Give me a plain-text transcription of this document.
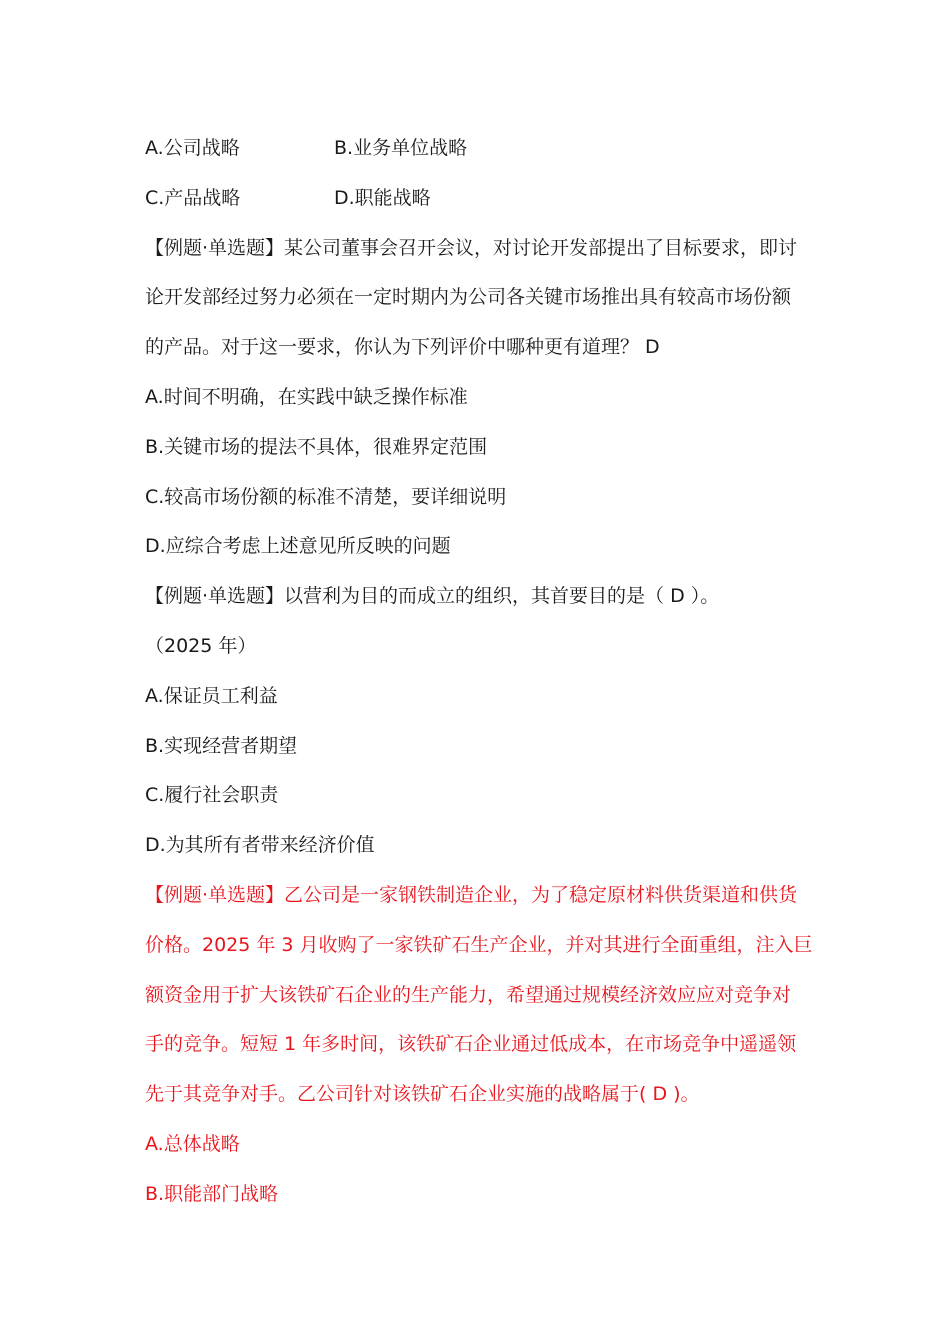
A.公司战略	B.业务单位战略
C.产品战略	D.职能战略
【例题·单选题】某公司董事会召开会议，对讨论开发部提出了目标要求，即讨
论开发部经过努力必须在一定时期内为公司各关键市场推出具有较高市场份额
的产品。对于这一要求，你认为下列评价中哪种更有道理？ D
A.时间不明确，在实践中缺乏操作标准
B.关键市场的提法不具体，很难界定范围
C.较高市场份额的标准不清楚，要详细说明
D.应综合考虑上述意见所反映的问题
【例题·单选题】以营利为目的而成立的组织，其首要目的是（ D ）。
（2025 年）
A.保证员工利益
B.实现经营者期望
C.履行社会职责
D.为其所有者带来经济价值
【例题·单选题】乙公司是一家钢铁制造企业，为了稳定原材料供货渠道和供货
价格。2025 年 3 月收购了一家铁矿石生产企业，并对其进行全面重组，注入巨
额资金用于扩大该铁矿石企业的生产能力，希望通过规模经济效应应对竞争对
手的竞争。短短 1 年多时间，该铁矿石企业通过低成本，在市场竞争中遥遥领
先于其竞争对手。乙公司针对该铁矿石企业实施的战略属于( D )。
A.总体战略
B.职能部门战略
